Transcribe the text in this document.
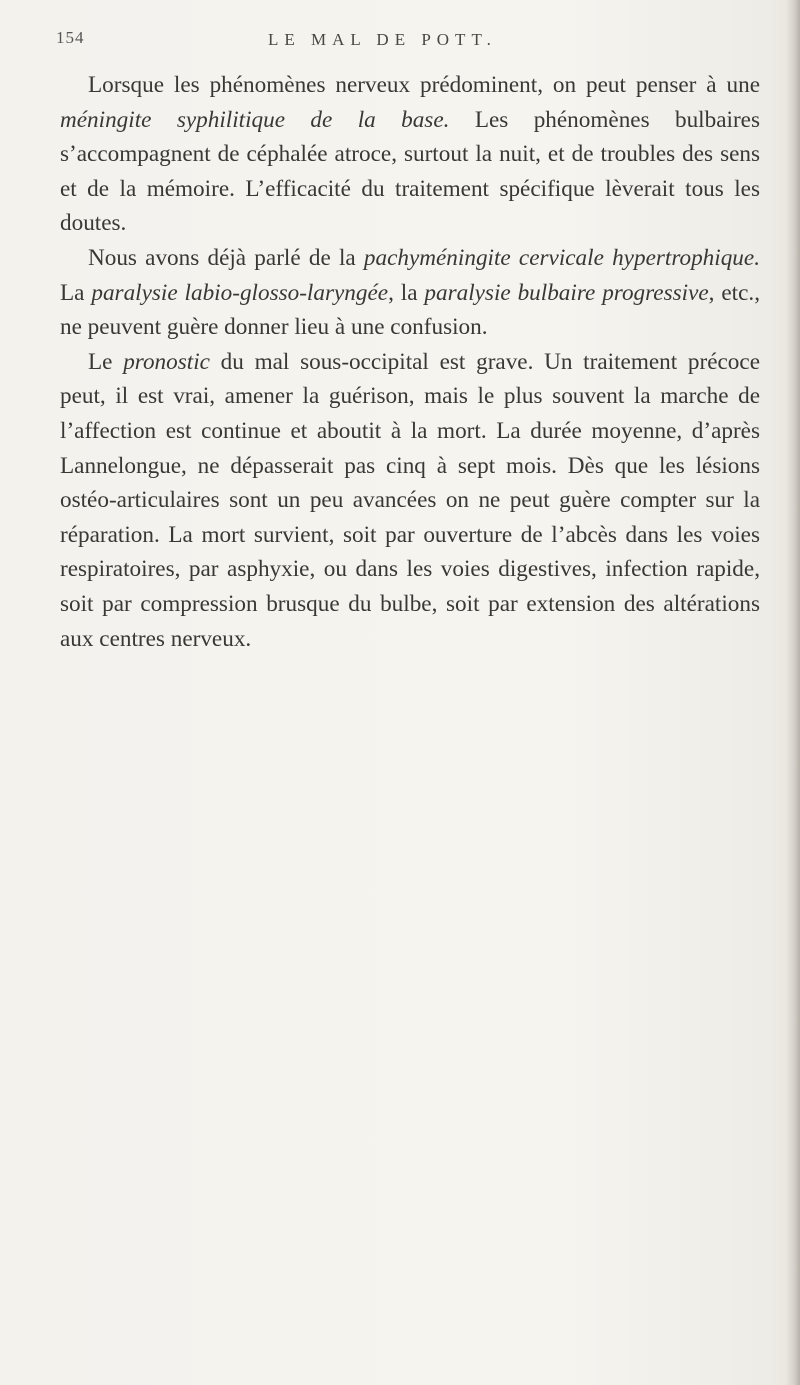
154	LE MAL DE POTT.

Lorsque les phénomènes nerveux prédominent, on peut penser à une méningite syphilitique de la base. Les phénomènes bulbaires s’accompagnent de céphalée atroce, surtout la nuit, et de troubles des sens et de la mémoire. L’efficacité du traitement spécifique lèverait tous les doutes.

Nous avons déjà parlé de la pachyméningite cervicale hypertrophique. La paralysie labio-glosso-laryngée, la paralysie bulbaire progressive, etc., ne peuvent guère donner lieu à une confusion.

Le pronostic du mal sous-occipital est grave. Un traitement précoce peut, il est vrai, amener la guérison, mais le plus souvent la marche de l’affection est continue et aboutit à la mort. La durée moyenne, d’après Lannelongue, ne dépasserait pas cinq à sept mois. Dès que les lésions ostéo-articulaires sont un peu avancées on ne peut guère compter sur la réparation. La mort survient, soit par ouverture de l’abcès dans les voies respiratoires, par asphyxie, ou dans les voies digestives, infection rapide, soit par compression brusque du bulbe, soit par extension des altérations aux centres nerveux.
